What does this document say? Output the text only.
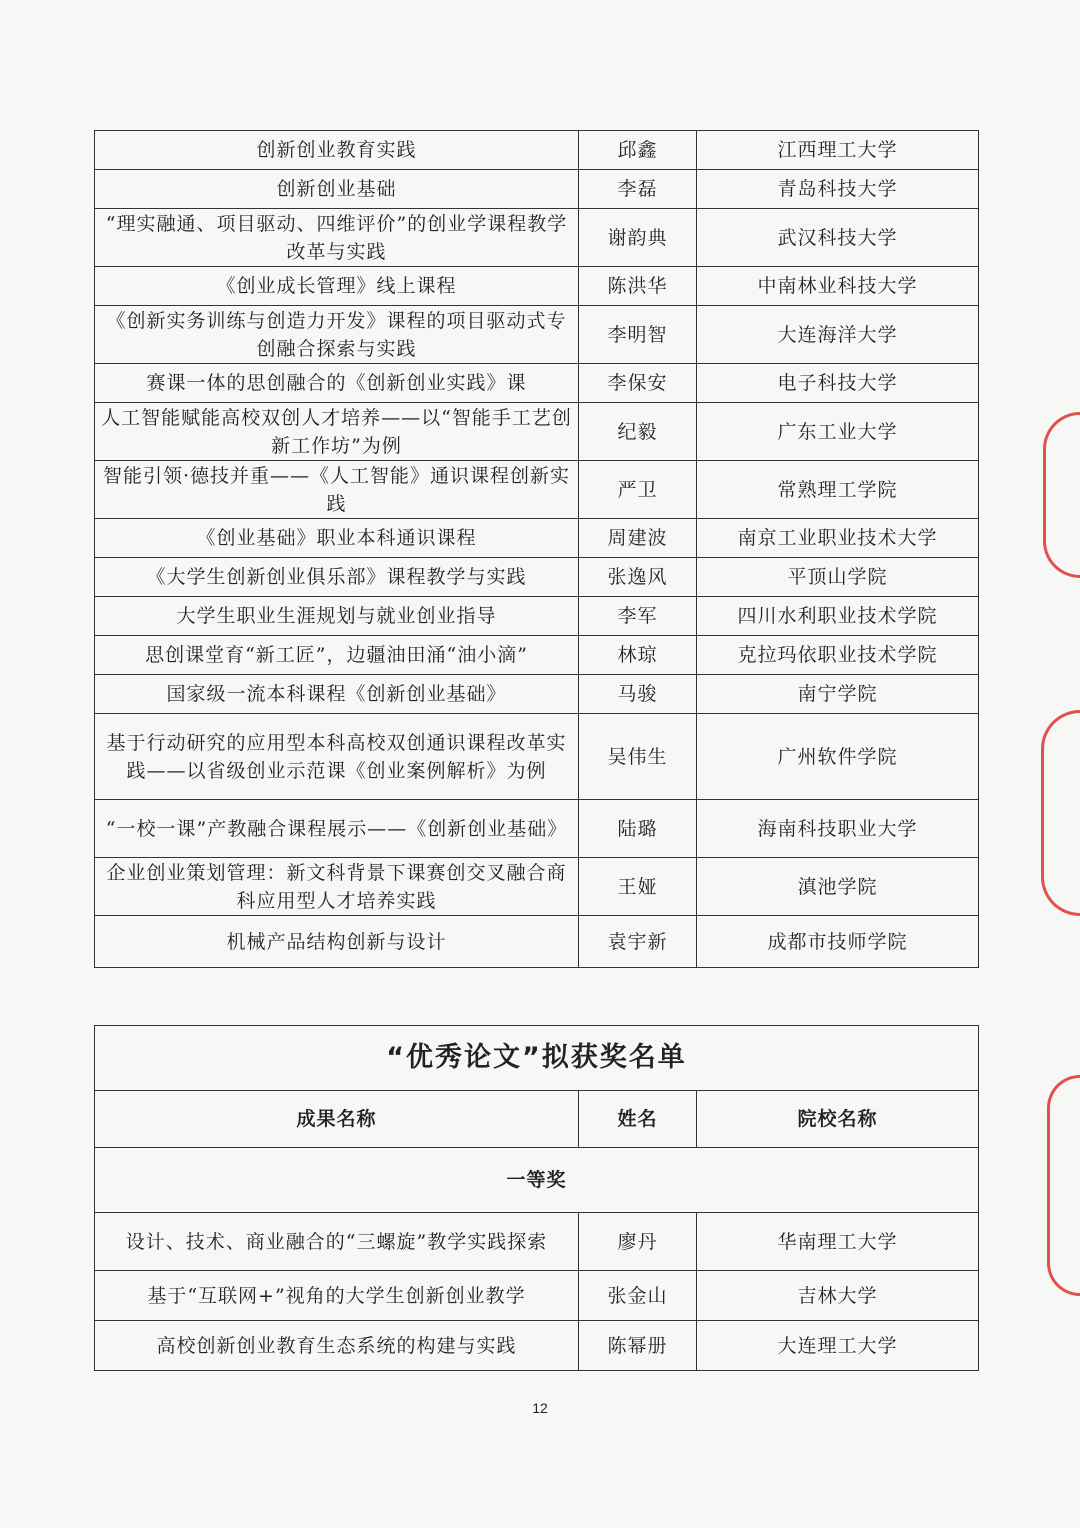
创新创业教育实践	邱鑫	江西理工大学
创新创业基础	李磊	青岛科技大学
“理实融通、项目驱动、四维评价”的创业学课程教学改革与实践	谢韵典	武汉科技大学
《创业成长管理》线上课程	陈洪华	中南林业科技大学
《创新实务训练与创造力开发》课程的项目驱动式专创融合探索与实践	李明智	大连海洋大学
赛课一体的思创融合的《创新创业实践》课	李保安	电子科技大学
人工智能赋能高校双创人才培养——以“智能手工艺创新工作坊”为例	纪毅	广东工业大学
智能引领·德技并重——《人工智能》通识课程创新实践	严卫	常熟理工学院
《创业基础》职业本科通识课程	周建波	南京工业职业技术大学
《大学生创新创业俱乐部》课程教学与实践	张逸风	平顶山学院
大学生职业生涯规划与就业创业指导	李军	四川水利职业技术学院
思创课堂育“新工匠”，边疆油田涌“油小滴”	林琼	克拉玛依职业技术学院
国家级一流本科课程《创新创业基础》	马骏	南宁学院
基于行动研究的应用型本科高校双创通识课程改革实践——以省级创业示范课《创业案例解析》为例	吴伟生	广州软件学院
“一校一课”产教融合课程展示——《创新创业基础》	陆璐	海南科技职业大学
企业创业策划管理：新文科背景下课赛创交叉融合商科应用型人才培养实践	王娅	滇池学院
机械产品结构创新与设计	袁宇新	成都市技师学院
“优秀论文”拟获奖名单		
成果名称	姓名	院校名称
一等奖		
设计、技术、商业融合的“三螺旋”教学实践探索	廖丹	华南理工大学
基于“互联网+”视角的大学生创新创业教学	张金山	吉林大学
高校创新创业教育生态系统的构建与实践	陈幂册	大连理工大学
12
